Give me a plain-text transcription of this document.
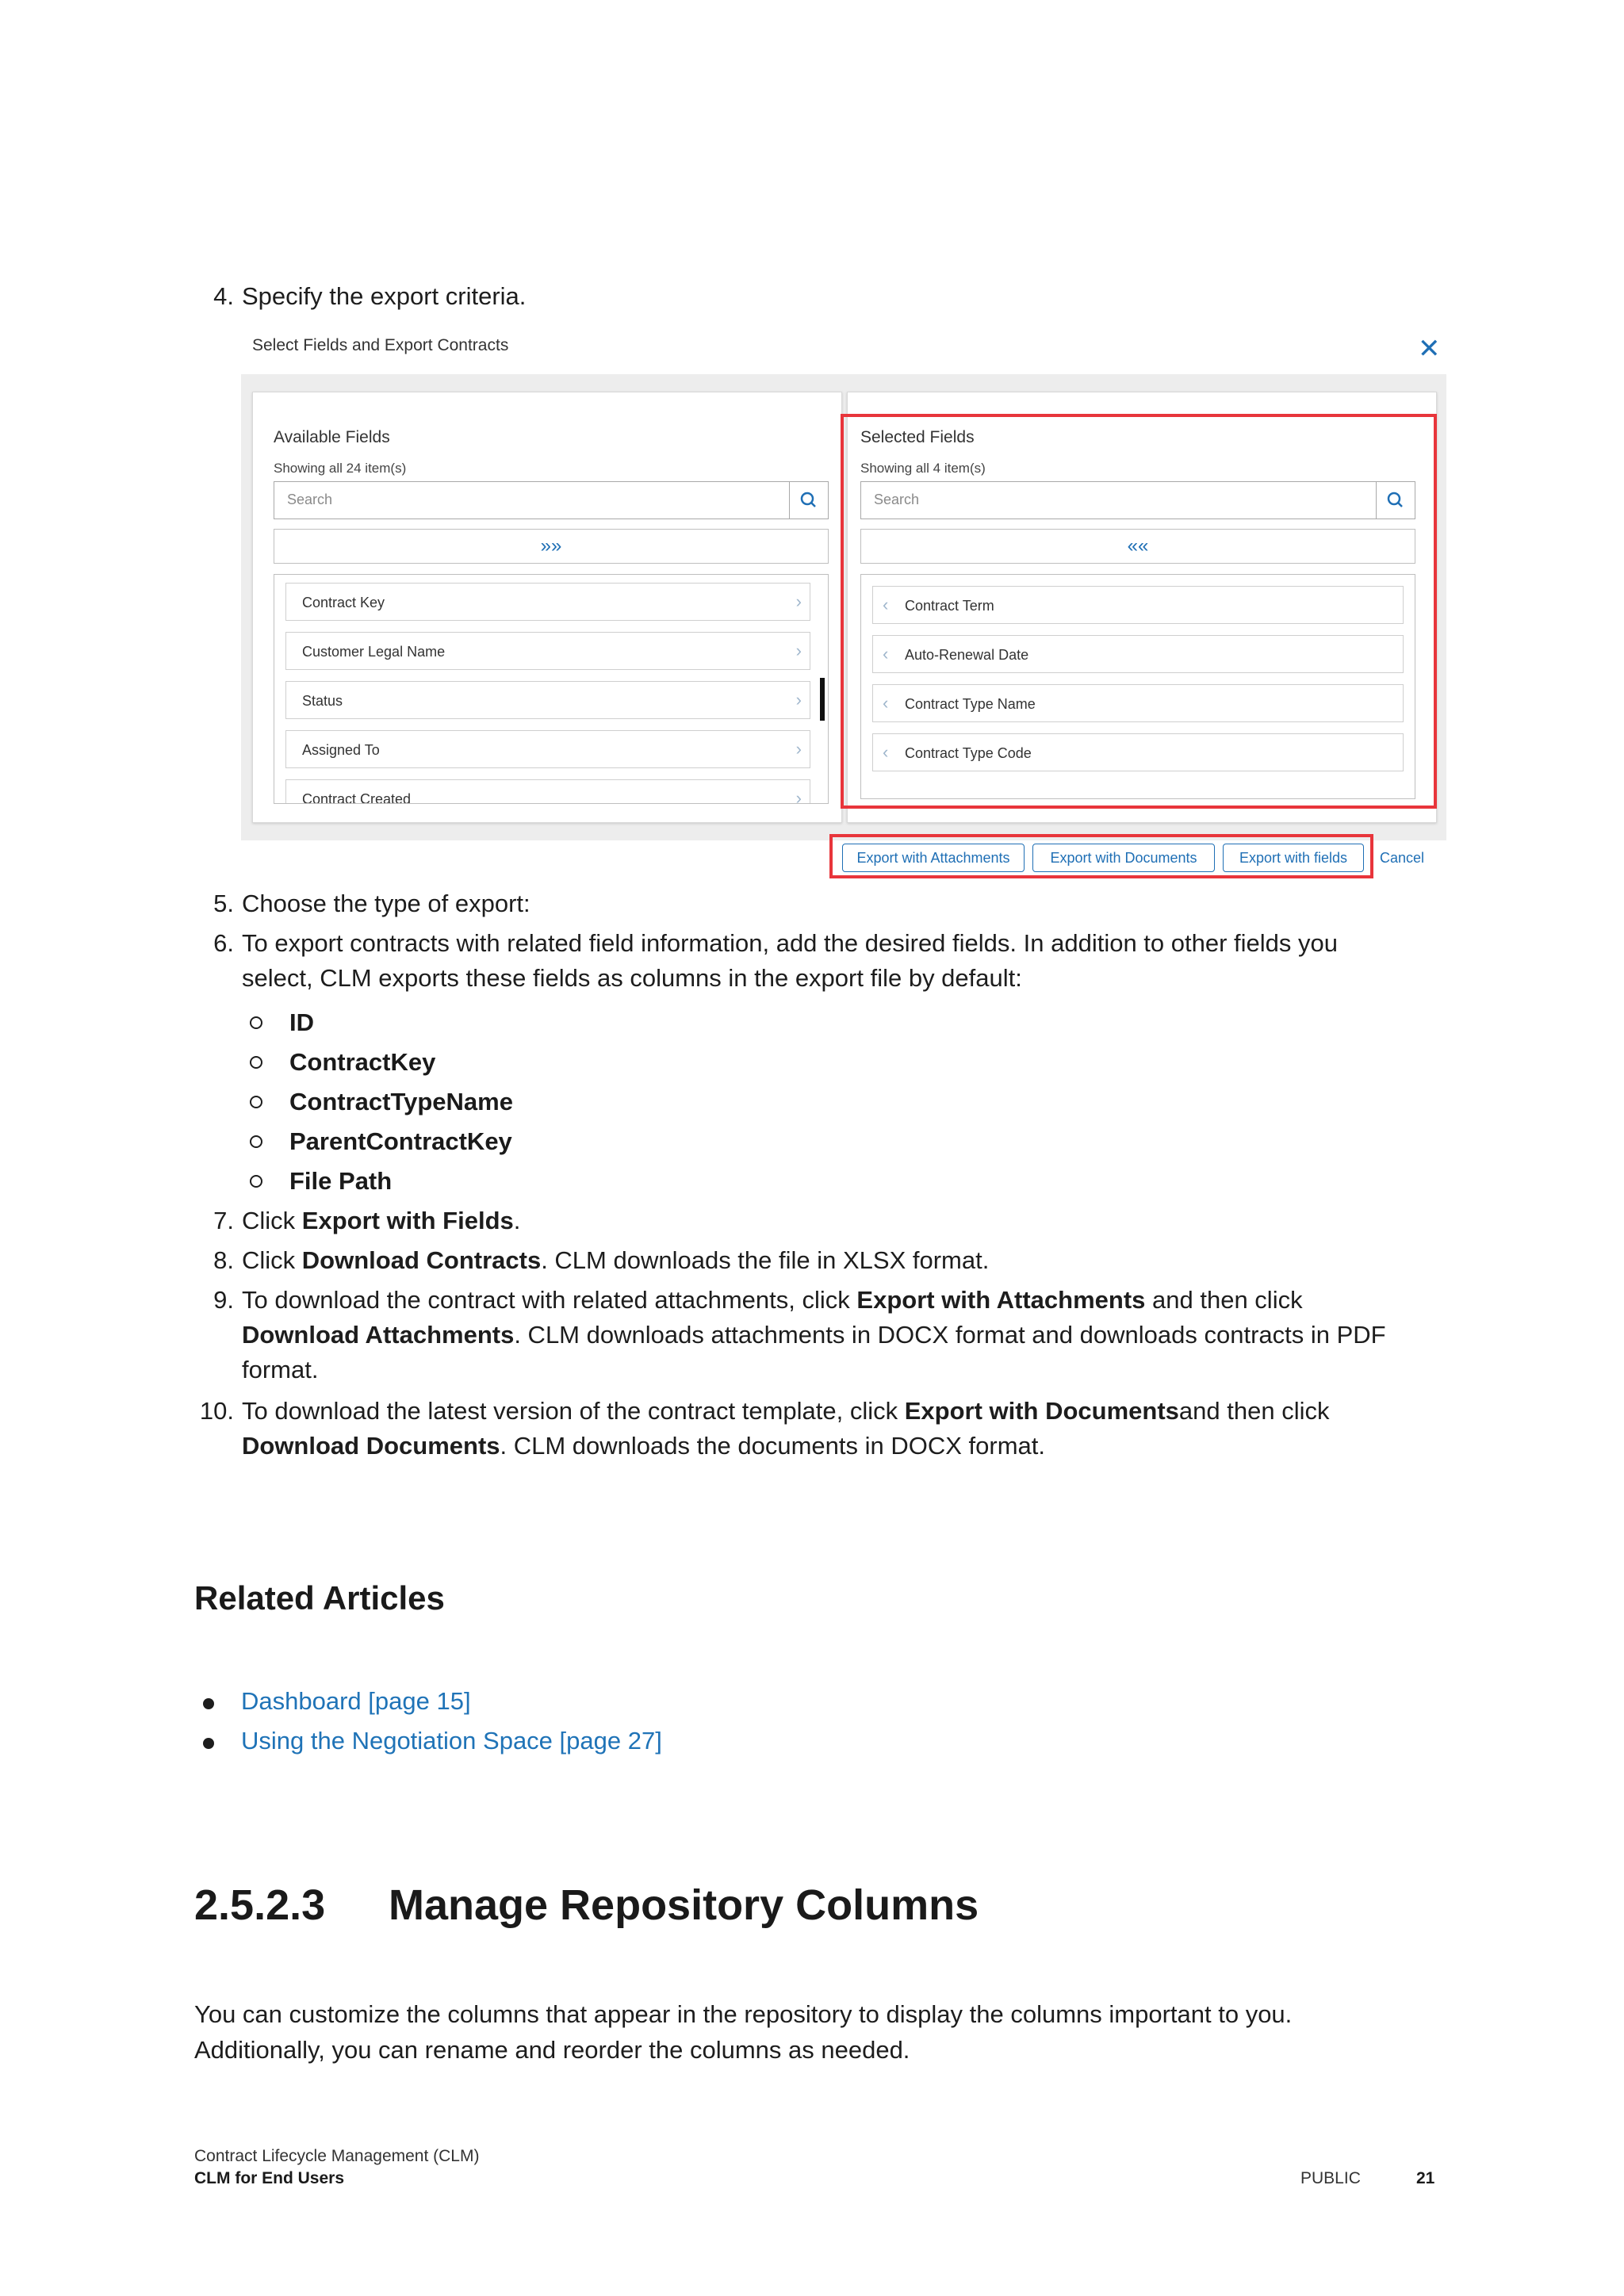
4. Specify the export criteria.
Select Fields and Export Contracts	✕
Available Fields
Showing all 24 item(s)
Search
»»
Contract Key	›
Customer Legal Name	›
Status	›
Assigned To	›
Contract Created	›
Selected Fields
Showing all 4 item(s)
Search
««
‹ Contract Term
‹ Auto-Renewal Date
‹ Contract Type Name
‹ Contract Type Code
Export with Attachments	Export with Documents	Export with fields	Cancel
5. Choose the type of export:
6. To export contracts with related field information, add the desired fields. In addition to other fields you
select, CLM exports these fields as columns in the export file by default:
ID
ContractKey
ContractTypeName
ParentContractKey
File Path
7. Click Export with Fields.
8. Click Download Contracts. CLM downloads the file in XLSX format.
9. To download the contract with related attachments, click Export with Attachments and then click
Download Attachments. CLM downloads attachments in DOCX format and downloads contracts in PDF
format.
10. To download the latest version of the contract template, click Export with Documentsand then click
Download Documents. CLM downloads the documents in DOCX format.
Related Articles
Dashboard [page 15]
Using the Negotiation Space [page 27]
2.5.2.3 Manage Repository Columns
You can customize the columns that appear in the repository to display the columns important to you.
Additionally, you can rename and reorder the columns as needed.
Contract Lifecycle Management (CLM)
CLM for End Users	PUBLIC	21
